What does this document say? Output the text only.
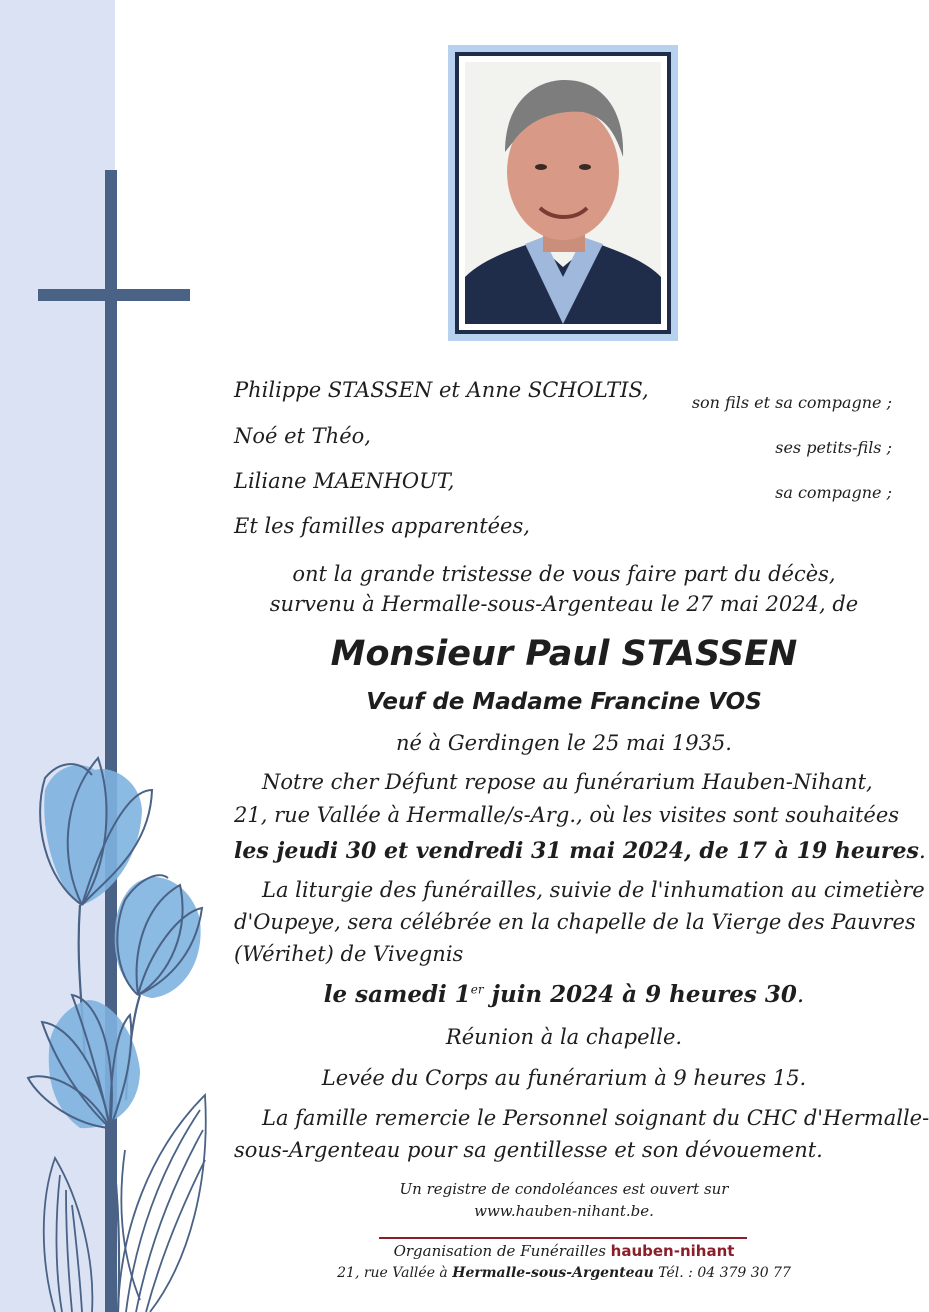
Philippe STASSEN et Anne SCHOLTIS,
son fils et sa compagne ;
Noé et Théo,	ses petits-fils ;
Liliane MAENHOUT,	sa compagne ;
Et les familles apparentées,
ont la grande tristesse de vous faire part du décès,
survenu à Hermalle-sous-Argenteau le 27 mai 2024, de
Monsieur Paul STASSEN
Veuf de Madame Francine VOS
né à Gerdingen le 25 mai 1935.
Notre cher Défunt repose au funérarium Hauben-Nihant,
21, rue Vallée à Hermalle/s-Arg., où les visites sont souhaitées
les jeudi 30 et vendredi 31 mai 2024, de 17 à 19 heures.
La liturgie des funérailles, suivie de l'inhumation au cimetière
d'Oupeye, sera célébrée en la chapelle de la Vierge des Pauvres
(Wérihet) de Vivegnis
le samedi 1er juin 2024 à 9 heures 30.
Réunion à la chapelle.
Levée du Corps au funérarium à 9 heures 15.
La famille remercie le Personnel soignant du CHC d'Hermalle-
sous-Argenteau pour sa gentillesse et son dévouement.
Un registre de condoléances est ouvert sur
www.hauben-nihant.be.
Organisation de Funérailles hauben-nihant
21, rue Vallée à Hermalle-sous-Argenteau Tél. : 04 379 30 77
